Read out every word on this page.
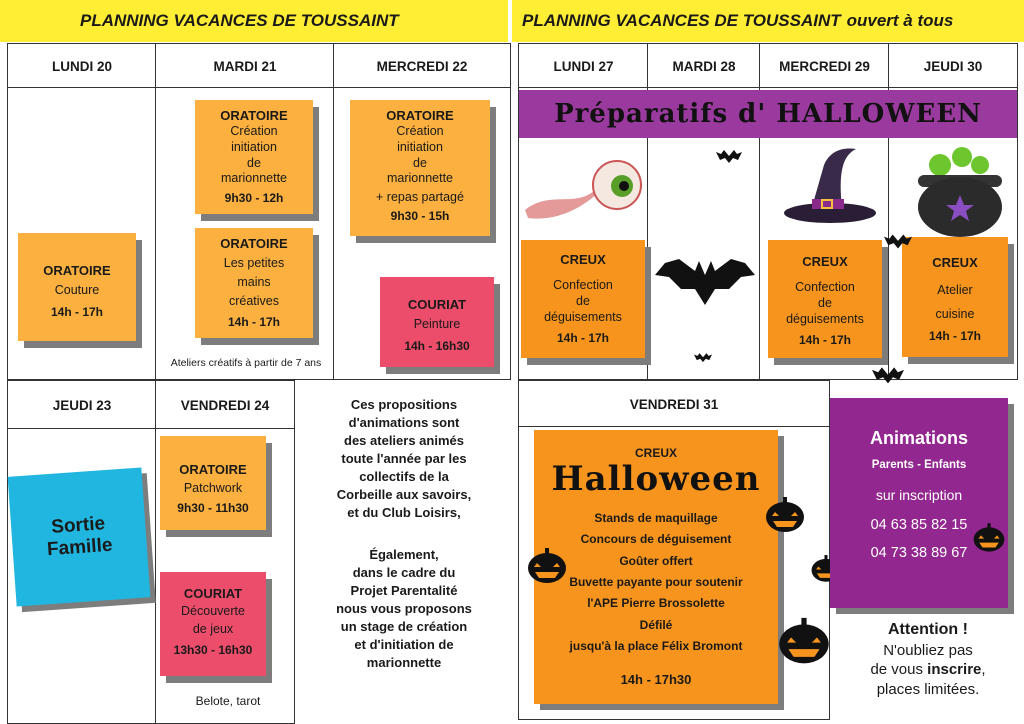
PLANNING VACANCES DE TOUSSAINT
LUNDI 20	MARDI 21	MERCREDI 22
ORATOIRE
Couture
14h - 17h
ORATOIRE
Création
initiation
de
marionnette
9h30 - 12h
ORATOIRE
Les petites
mains
créatives
14h - 17h
Ateliers créatifs à partir de 7 ans
ORATOIRE
Création
initiation
de
marionnette
+ repas partagé
9h30 - 15h
COURIAT
Peinture
14h - 16h30
JEUDI 23	VENDREDI 24
Sortie
Famille
ORATOIRE
Patchwork
9h30 - 11h30
COURIAT
Découverte
de jeux
13h30 - 16h30
Belote, tarot
Ces propositions
d'animations sont
des ateliers animés
toute l'année par les
collectifs de la
Corbeille aux savoirs,
et du Club Loisirs,
Également,
dans le cadre du
Projet Parentalité
nous vous proposons
un stage de création
et d'initiation de
marionnette
PLANNING VACANCES DE TOUSSAINT ouvert à tous
LUNDI 27	MARDI 28	MERCREDI 29	JEUDI 30
Préparatifs d' HALLOWEEN
CREUX
Confection
de
déguisements
14h - 17h
CREUX
Confection
de
déguisements
14h - 17h
CREUX
Atelier
cuisine
14h - 17h
VENDREDI 31
CREUX
Halloween
Stands de maquillage
Concours de déguisement
Goûter offert
Buvette payante pour soutenir
l'APE Pierre Brossolette
Défilé
jusqu'à la place Félix Bromont
14h - 17h30
Animations
Parents - Enfants
sur inscription
04 63 85 82 15
04 73 38 89 67
Attention !
N'oubliez pas
de vous inscrire,
places limitées.
